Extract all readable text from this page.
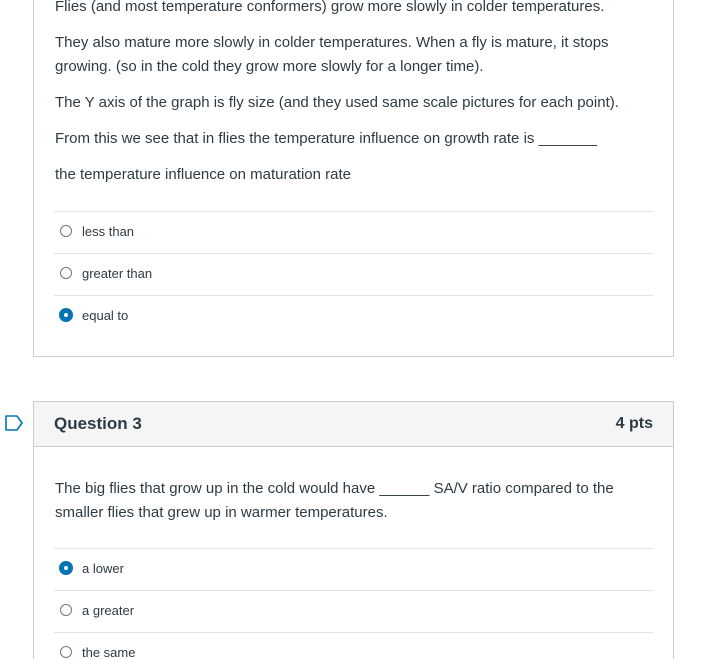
Flies (and most temperature conformers) grow more slowly in colder temperatures.

They also mature more slowly in colder temperatures. When a fly is mature, it stops growing. (so in the cold they grow more slowly for a longer time).

The Y axis of the graph is fly size (and they used same scale pictures for each point).

From this we see that in flies the temperature influence on growth rate is _______

the temperature influence on maturation rate

less than
greater than
equal to
Question 3	4 pts

The big flies that grow up in the cold would have ______ SA/V ratio compared to the smaller flies that grew up in warmer temperatures.

a lower
a greater
the same
